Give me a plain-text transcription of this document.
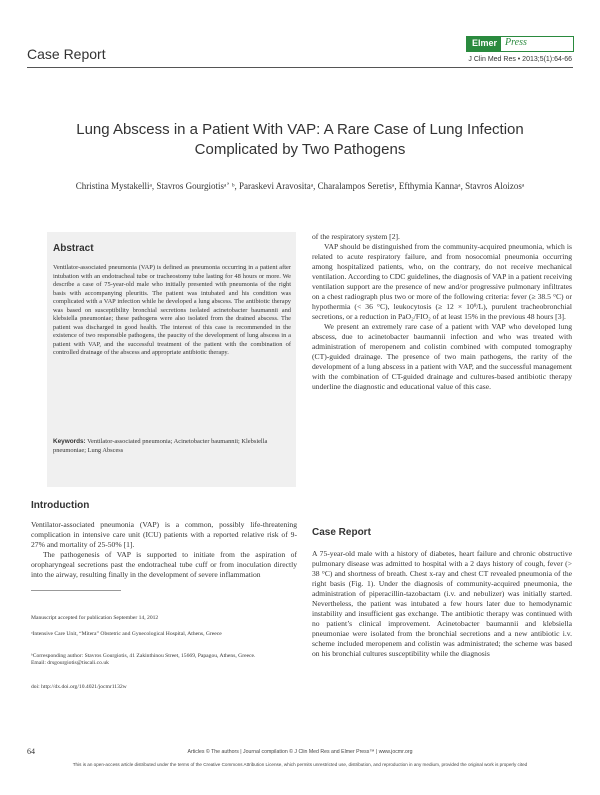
Case Report
Elmer Press
J Clin Med Res • 2013;5(1):64-66
Lung Abscess in a Patient With VAP: A Rare Case of Lung Infection Complicated by Two Pathogens
Christina Mystakelliᵃ, Stavros Gourgiotisᵃʼ ᵇ, Paraskevi Aravositaᵃ, Charalampos Seretisᵃ, Efthymia Kannaᵃ, Stavros Aloizosᵃ
Abstract
Ventilator-associated pneumonia (VAP) is defined as pneumonia occurring in a patient after intubation with an endotracheal tube or tracheostomy tube lasting for 48 hours or more. We describe a case of 75-year-old male who initially presented with pneumonia of the right basis with accompanying pleuritis. The patient was intubated and his condition was complicated with a VAP infection while he developed a lung abscess. The antibiotic therapy was based on susceptibility bronchial secretions isolated acinetobacter baumannii and klebsiella pneumoniae; these pathogens were also isolated from the drained abscess. The patient was discharged in good health. The interest of this case is recommended in the existence of two responsible pathogens, the paucity of the development of lung abscess in a patient with VAP, and the successful treatment of the patient with the combination of controlled drainage of the abscess and appropriate antibiotic therapy.
Keywords: Ventilator-associated pneumonia; Acinetobacter baumannii; Klebsiella pneumoniae; Lung Abscess
Introduction

Ventilator-associated pneumonia (VAP) is a common, possibly life-threatening complication in intensive care unit (ICU) patients with a reported relative risk of 9-27% and mortality of 25-50% [1].

The pathogenesis of VAP is supported to initiate from the aspiration of oropharyngeal secretions past the endotracheal tube cuff or from inoculation directly into the airway, resulting finally in the development of severe inflammation

Manuscript accepted for publication September 14, 2012
ᵃIntensive Care Unit, “Mitera” Obstetric and Gynecological Hospital, Athens, Greece
ᵇCorresponding author: Stavros Gourgiotis, 41 Zakinthinou Street, 15669, Papagou, Athens, Greece. Email: drsgourgiotis@tiscali.co.uk
doi: http://dx.doi.org/10.4021/jocmr1132w

of the respiratory system [2].

VAP should be distinguished from the community-acquired pneumonia, which is related to acute respiratory failure, and from nosocomial pneumonia occurring among hospitalized patients, who, on the contrary, do not receive mechanical ventilation. According to CDC guidelines, the diagnosis of VAP in a patient receiving ventilation support are the presence of new and/or progressive pulmonary infiltrates on a chest radiograph plus two or more of the following criteria: fever (≥ 38.5 °C) or hypothermia (< 36 °C), leukocytosis (≥ 12 × 10⁹/L), purulent tracheobronchial secretions, or a reduction in PaO₂/FIO₂ of at least 15% in the previous 48 hours [3].

We present an extremely rare case of a patient with VAP who developed lung abscess, due to acinetobacter baumannii infection and who was treated with administration of meropenem and colistin combined with computed tomography (CT)-guided drainage. The presence of two main pathogens, the rarity of the development of a lung abscess in a patient with VAP, and the successful management with the combination of CT-guided drainage and cultures-based antibiotic therapy underline the diagnostic and educational value of this case.

Case Report

A 75-year-old male with a history of diabetes, heart failure and chronic obstructive pulmonary disease was admitted to hospital with a 2 days history of cough, fever (> 38 °C) and shortness of breath. Chest x-ray and chest CT revealed pneumonia of the right basis (Fig. 1). Under the diagnosis of community-acquired pneumonia, the administration of piperacillin-tazobactam (i.v. and nebulizer) was initially started. Nevertheless, the patient was intubated a few hours later due to hemodynamic instability and insufficient gas exchange. The antibiotic therapy was continued with no patient’s clinical improvement. Acinetobacter baumannii and klebsiella pneumoniae were isolated from the bronchial secretions and a new antibiotic i.v. scheme included meropenem and colistin was administrated; the scheme was based on his bronchial cultures susceptibility while the diagnosis

64	Articles © The authors | Journal compilation © J Clin Med Res and Elmer Press™ | www.jocmr.org
This is an open-access article distributed under the terms of the Creative Commons Attribution License, which permits unrestricted use, distribution, and reproduction in any medium, provided the original work is properly cited
